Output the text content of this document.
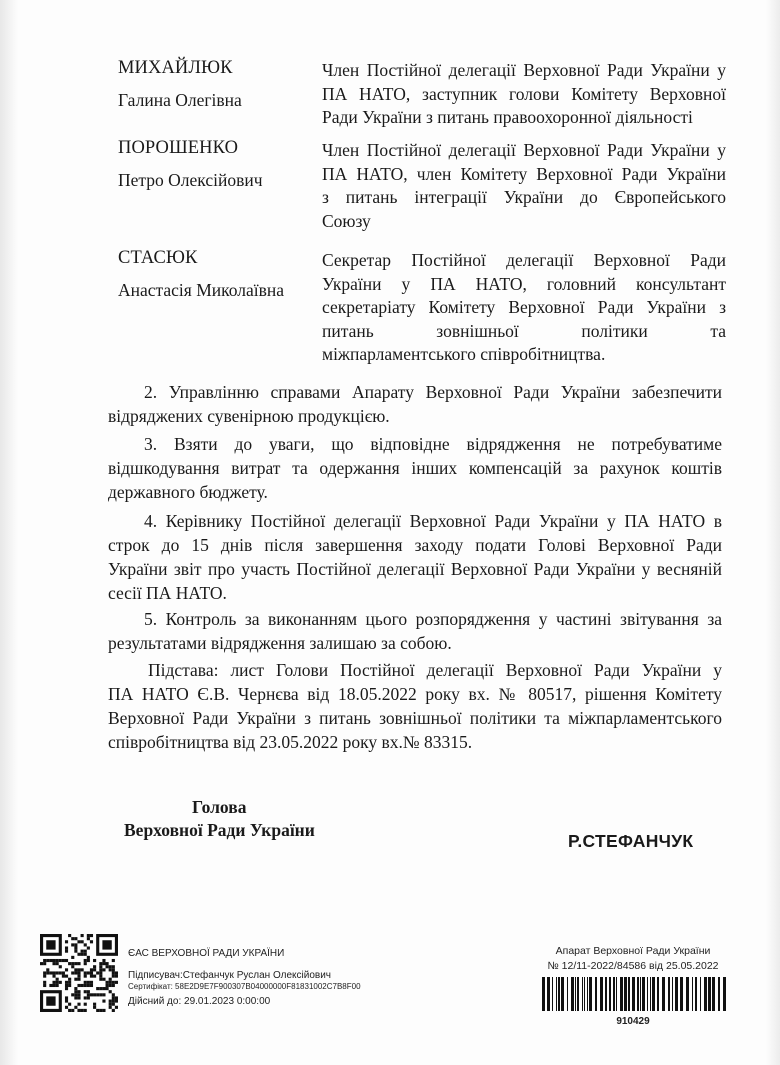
МИХАЙЛЮК
Галина Олегівна
Член Постійної делегації Верховної Ради України у
ПА НАТО, заступник голови Комітету Верховної
Ради України з питань правоохоронної діяльності
ПОРОШЕНКО
Петро Олексійович
Член Постійної делегації Верховної Ради України у
ПА НАТО, член Комітету Верховної Ради України
з питань інтеграції України до Європейського
Союзу
СТАСЮК
Анастасія Миколаївна
Секретар Постійної делегації Верховної Ради
України у ПА НАТО, головний консультант
секретаріату Комітету Верховної Ради України з
питань зовнішньої політики та
міжпарламентського співробітництва.
2. Управлінню справами Апарату Верховної Ради України забезпечити
відряджених сувенірною продукцією.
3. Взяти до уваги, що відповідне відрядження не потребуватиме
відшкодування витрат та одержання інших компенсацій за рахунок коштів
державного бюджету.
4. Керівнику Постійної делегації Верховної Ради України у ПА НАТО в
строк до 15 днів після завершення заходу подати Голові Верховної Ради
України звіт про участь Постійної делегації Верховної Ради України у весняній
сесії ПА НАТО.
5. Контроль за виконанням цього розпорядження у частині звітування за
результатами відрядження залишаю за собою.
Підстава: лист Голови Постійної делегації Верховної Ради України у
ПА НАТО Є.В. Чернєва від 18.05.2022 року вх. № 80517, рішення Комітету
Верховної Ради України з питань зовнішньої політики та міжпарламентського
співробітництва від 23.05.2022 року вх.№ 83315.
Голова
Верховної Ради України
Р.СТЕФАНЧУК
ЄАС ВЕРХОВНОЇ РАДИ УКРАЇНИ
Підписувач:Стефанчук Руслан Олексійович
Сертифікат: 58E2D9E7F900307B04000000F81831002C7B8F00
Дійсний до: 29.01.2023 0:00:00
Апарат Верховної Ради України
№ 12/11-2022/84586 від 25.05.2022
910429
